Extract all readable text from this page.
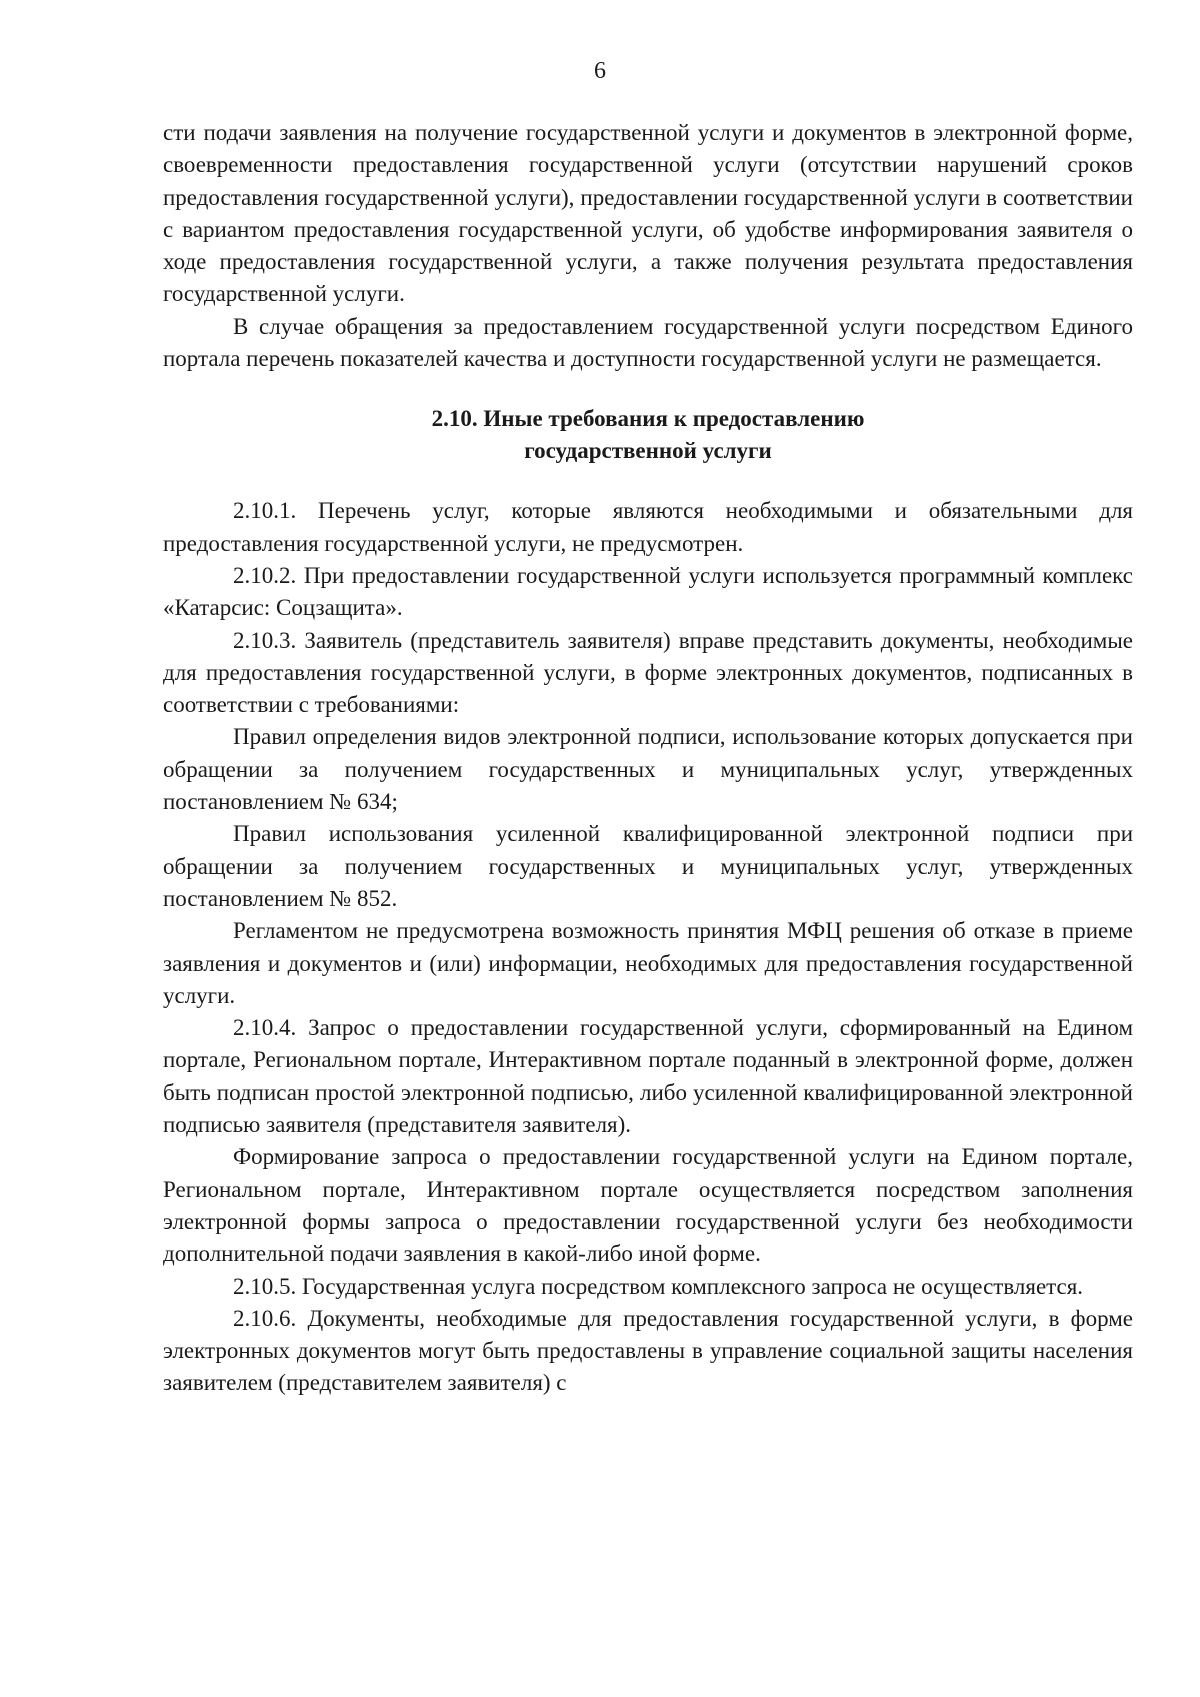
6

сти подачи заявления на получение государственной услуги и документов в электронной форме, своевременности предоставления государственной услуги (отсутствии нарушений сроков предоставления государственной услуги), предоставлении государственной услуги в соответствии с вариантом предоставления государственной услуги, об удобстве информирования заявителя о ходе предоставления государственной услуги, а также получения результата предоставления государственной услуги.

В случае обращения за предоставлением государственной услуги посредством Единого портала перечень показателей качества и доступности государственной услуги не размещается.

2.10. Иные требования к предоставлению
государственной услуги

2.10.1. Перечень услуг, которые являются необходимыми и обязательными для предоставления государственной услуги, не предусмотрен.

2.10.2. При предоставлении государственной услуги используется программный комплекс «Катарсис: Соцзащита».

2.10.3. Заявитель (представитель заявителя) вправе представить документы, необходимые для предоставления государственной услуги, в форме электронных документов, подписанных в соответствии с требованиями:

Правил определения видов электронной подписи, использование которых допускается при обращении за получением государственных и муниципальных услуг, утвержденных постановлением № 634;

Правил использования усиленной квалифицированной электронной подписи при обращении за получением государственных и муниципальных услуг, утвержденных постановлением № 852.

Регламентом не предусмотрена возможность принятия МФЦ решения об отказе в приеме заявления и документов и (или) информации, необходимых для предоставления государственной услуги.

2.10.4. Запрос о предоставлении государственной услуги, сформированный на Едином портале, Региональном портале, Интерактивном портале поданный в электронной форме, должен быть подписан простой электронной подписью, либо усиленной квалифицированной электронной подписью заявителя (представителя заявителя).

Формирование запроса о предоставлении государственной услуги на Едином портале, Региональном портале, Интерактивном портале осуществляется посредством заполнения электронной формы запроса о предоставлении государственной услуги без необходимости дополнительной подачи заявления в какой-либо иной форме.

2.10.5. Государственная услуга посредством комплексного запроса не осуществляется.

2.10.6. Документы, необходимые для предоставления государственной услуги, в форме электронных документов могут быть предоставлены в управление социальной защиты населения заявителем (представителем заявителя) с
